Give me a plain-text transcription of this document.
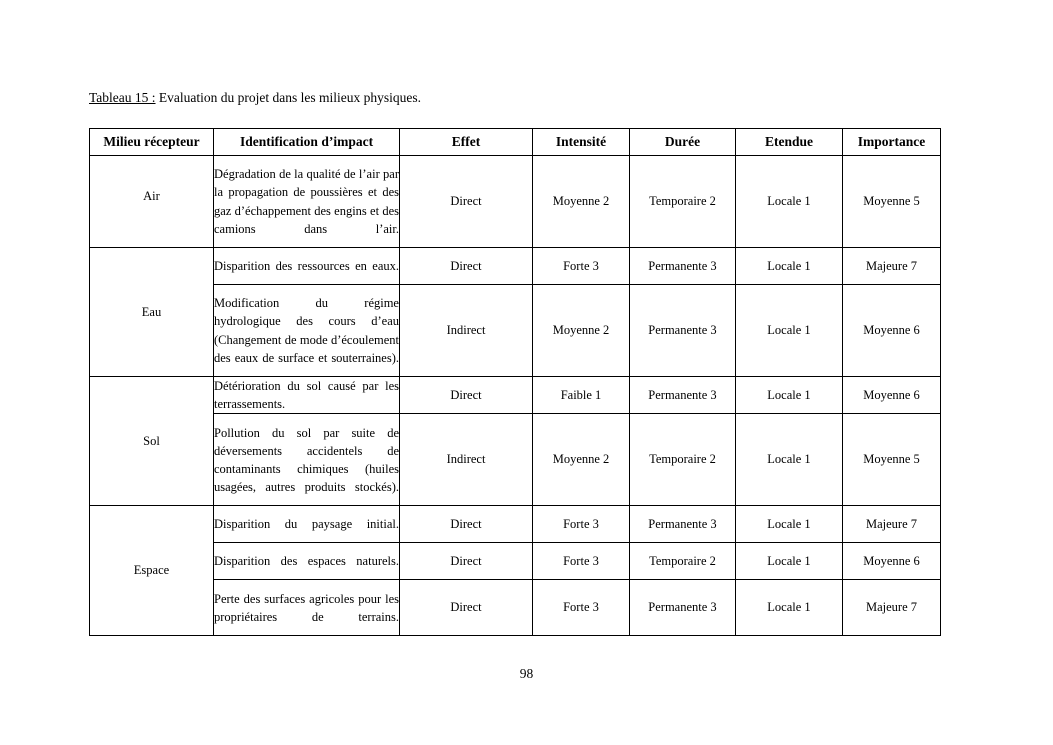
Tableau 15 : Evaluation du projet dans les milieux physiques.
Milieu récepteur	Identification d’impact	Effet	Intensité	Durée	Etendue	Importance
Air	Dégradation de la qualité de l’air par la propagation de poussières et des gaz d’échappement des engins et des camions dans l’air.	Direct	Moyenne 2	Temporaire 2	Locale 1	Moyenne 5
Eau	Disparition des ressources en eaux.	Direct	Forte 3	Permanente 3	Locale 1	Majeure 7
	Modification du régime hydrologique des cours d’eau (Changement de mode d’écoulement des eaux de surface et souterraines).	Indirect	Moyenne 2	Permanente 3	Locale 1	Moyenne 6
Sol	Détérioration du sol causé par les terrassements.	Direct	Faible 1	Permanente 3	Locale 1	Moyenne 6
	Pollution du sol par suite de déversements accidentels de contaminants chimiques (huiles usagées, autres produits stockés).	Indirect	Moyenne 2	Temporaire 2	Locale 1	Moyenne 5
Espace	Disparition du paysage initial.	Direct	Forte 3	Permanente 3	Locale 1	Majeure 7
	Disparition des espaces naturels.	Direct	Forte 3	Temporaire 2	Locale 1	Moyenne 6
	Perte des surfaces agricoles pour les propriétaires de terrains.	Direct	Forte 3	Permanente 3	Locale 1	Majeure 7
98
